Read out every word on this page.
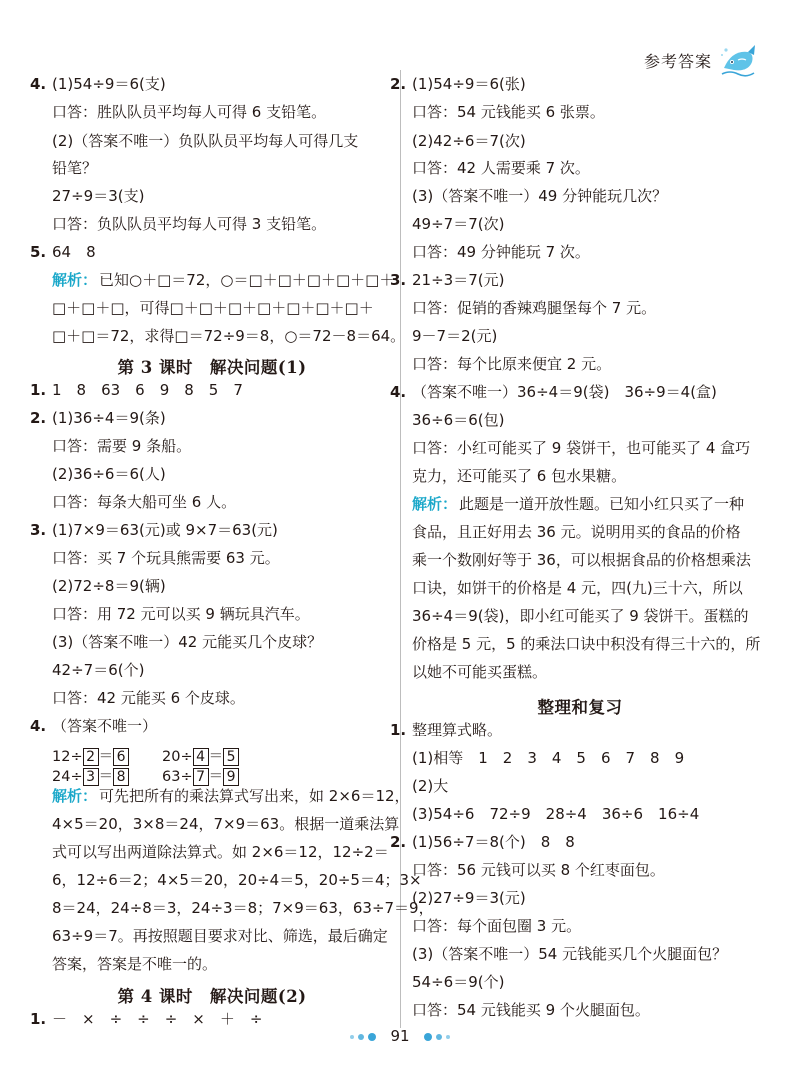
参考答案
4. (1)54÷9＝6(支)
口答：胜队队员平均每人可得 6 支铅笔。
(2)（答案不唯一）负队队员平均每人可得几支
铅笔？
27÷9＝3(支)
口答：负队队员平均每人可得 3 支铅笔。
5. 64　8
解析： 已知○＋□＝72，○＝□＋□＋□＋□＋□＋
□＋□＋□，可得□＋□＋□＋□＋□＋□＋□＋
□＋□＝72，求得□＝72÷9＝8，○＝72－8＝64。
第 3 课时　解决问题(1)
1. 1　8　63　6　9　8　5　7
2. (1)36÷4＝9(条)
口答：需要 9 条船。
(2)36÷6＝6(人)
口答：每条大船可坐 6 人。
3. (1)7×9＝63(元)或 9×7＝63(元)
口答：买 7 个玩具熊需要 63 元。
(2)72÷8＝9(辆)
口答：用 72 元可以买 9 辆玩具汽车。
(3)（答案不唯一）42 元能买几个皮球？
42÷7＝6(个)
口答：42 元能买 6 个皮球。
4. （答案不唯一）
解析： 可先把所有的乘法算式写出来，如 2×6＝12，
4×5＝20，3×8＝24，7×9＝63。根据一道乘法算
式可以写出两道除法算式。如 2×6＝12，12÷2＝
6，12÷6＝2；4×5＝20，20÷4＝5，20÷5＝4；3×
8＝24，24÷8＝3，24÷3＝8；7×9＝63，63÷7＝9，
63÷9＝7。再按照题目要求对比、筛选，最后确定
答案，答案是不唯一的。
第 4 课时　解决问题(2)
1. －　×　÷　÷　÷　×　＋　÷
12÷ 2 ＝ 6	20÷ 4 ＝ 5
24÷ 3 ＝ 8	63÷ 7 ＝ 9
2. (1)54÷9＝6(张)
口答：54 元钱能买 6 张票。
(2)42÷6＝7(次)
口答：42 人需要乘 7 次。
(3)（答案不唯一）49 分钟能玩几次？
49÷7＝7(次)
口答：49 分钟能玩 7 次。
3. 21÷3＝7(元)
口答：促销的香辣鸡腿堡每个 7 元。
9－7＝2(元)
口答：每个比原来便宜 2 元。
4. （答案不唯一）36÷4＝9(袋)　36÷9＝4(盒)
36÷6＝6(包)
口答：小红可能买了 9 袋饼干，也可能买了 4 盒巧
克力，还可能买了 6 包水果糖。
解析： 此题是一道开放性题。已知小红只买了一种
食品，且正好用去 36 元。说明用买的食品的价格
乘一个数刚好等于 36，可以根据食品的价格想乘法
口诀，如饼干的价格是 4 元，四(九)三十六，所以
36÷4＝9(袋)，即小红可能买了 9 袋饼干。蛋糕的
价格是 5 元，5 的乘法口诀中积没有得三十六的，所
以她不可能买蛋糕。
整理和复习
1. 整理算式略。
(1)相等　1　2　3　4　5　6　7　8　9
(2)大
(3)54÷6　72÷9　28÷4　36÷6　16÷4
2. (1)56÷7＝8(个)　8　8
口答：56 元钱可以买 8 个红枣面包。
(2)27÷9＝3(元)
口答：每个面包圈 3 元。
(3)（答案不唯一）54 元钱能买几个火腿面包？
54÷6＝9(个)
口答：54 元钱能买 9 个火腿面包。
91
